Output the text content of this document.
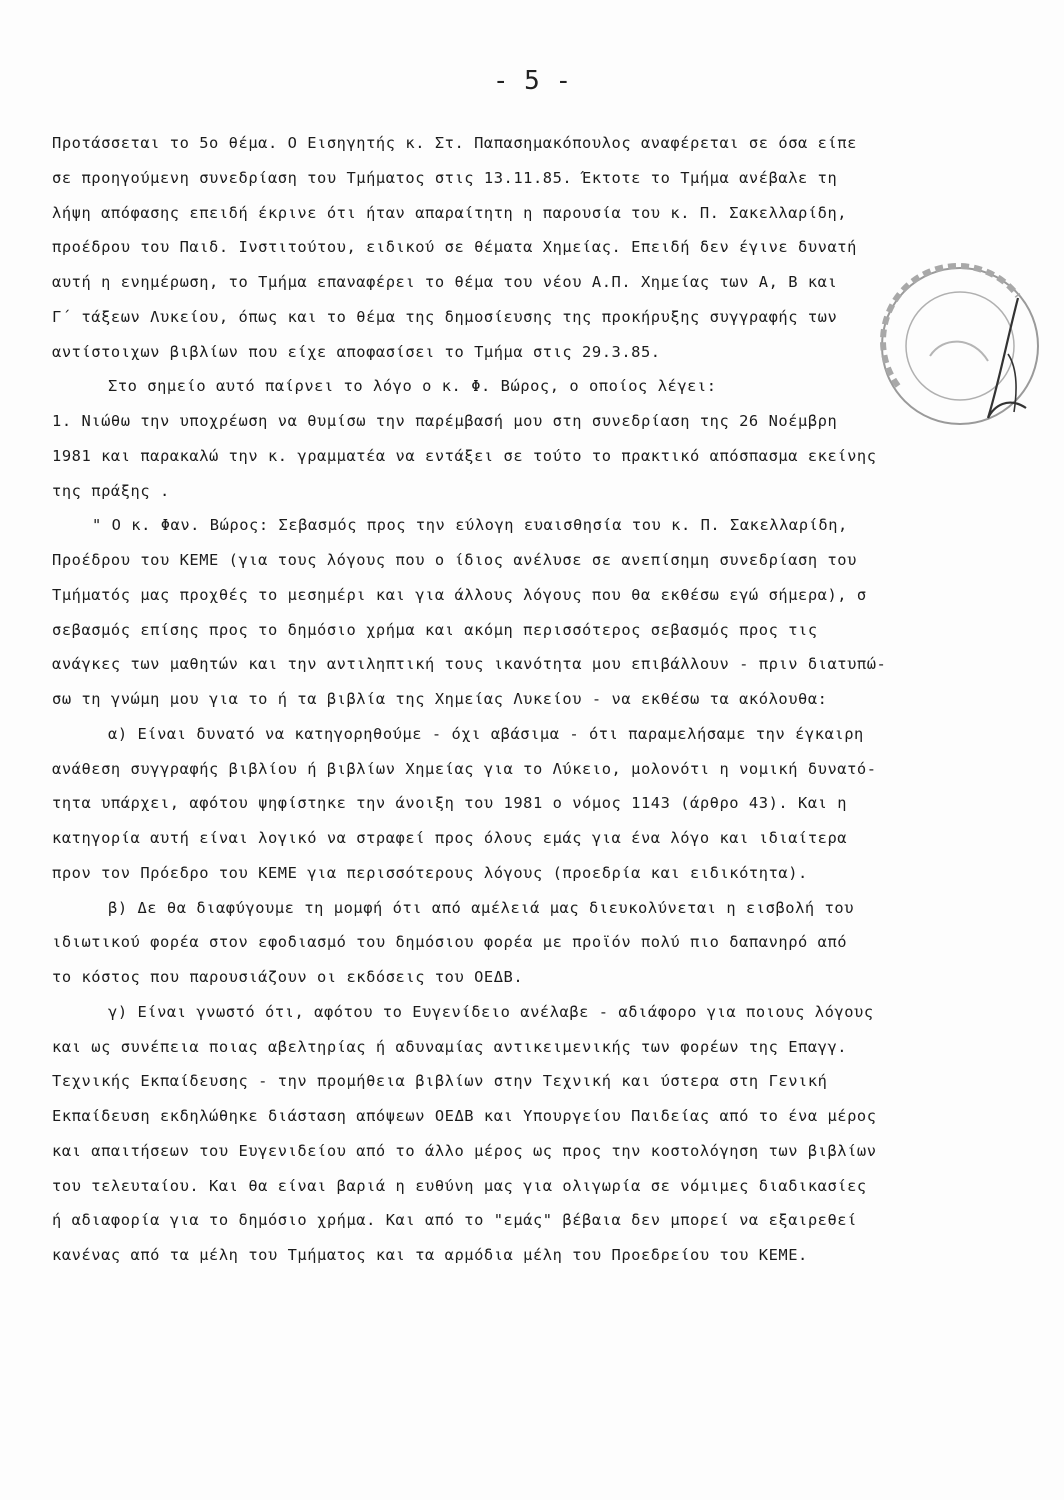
- 5 -
Προτάσσεται το 5ο θέμα. Ο Εισηγητής κ. Στ. Παπασημακόπουλος αναφέρεται σε όσα είπε
σε προηγούμενη συνεδρίαση του Τμήματος στις 13.11.85. Έκτοτε το Τμήμα ανέβαλε τη
λήψη απόφασης επειδή έκρινε ότι ήταν απαραίτητη η παρουσία του κ. Π. Σακελλαρίδη,
προέδρου του Παιδ. Ινστιτούτου, ειδικού σε θέματα Χημείας. Επειδή δεν έγινε δυνατή
αυτή η ενημέρωση, το Τμήμα επαναφέρει το θέμα του νέου Α.Π. Χημείας των Α, Β και
Γ΄ τάξεων Λυκείου, όπως και το θέμα της δημοσίευσης της προκήρυξης συγγραφής των
αντίστοιχων βιβλίων που είχε αποφασίσει το Τμήμα στις 29.3.85.
Στο σημείο αυτό παίρνει το λόγο ο κ. Φ. Βώρος, ο οποίος λέγει:
1. Νιώθω την υποχρέωση να θυμίσω την παρέμβασή μου στη συνεδρίαση της 26 Νοέμβρη
1981 και παρακαλώ την κ. γραμματέα να εντάξει σε τούτο το πρακτικό απόσπασμα εκείνης
της πράξης .
" Ο κ. Φαν. Βώρος: Σεβασμός προς την εύλογη ευαισθησία του κ. Π. Σακελλαρίδη,
Προέδρου του ΚΕΜΕ (για τους λόγους που ο ίδιος ανέλυσε σε ανεπίσημη συνεδρίαση του
Τμήματός μας προχθές το μεσημέρι και για άλλους λόγους που θα εκθέσω εγώ σήμερα), σ
σεβασμός επίσης προς το δημόσιο χρήμα και ακόμη περισσότερος σεβασμός προς τις
ανάγκες των μαθητών και την αντιληπτική τους ικανότητα μου επιβάλλουν - πριν διατυπώ-
σω τη γνώμη μου για το ή τα βιβλία της Χημείας Λυκείου - να εκθέσω τα ακόλουθα:
α) Είναι δυνατό να κατηγορηθούμε - όχι αβάσιμα - ότι παραμελήσαμε την έγκαιρη
ανάθεση συγγραφής βιβλίου ή βιβλίων Χημείας για το Λύκειο, μολονότι η νομική δυνατό-
τητα υπάρχει, αφότου ψηφίστηκε την άνοιξη του 1981 ο νόμος 1143 (άρθρο 43). Και η
κατηγορία αυτή είναι λογικό να στραφεί προς όλους εμάς για ένα λόγο και ιδιαίτερα
προν τον Πρόεδρο του ΚΕΜΕ για περισσότερους λόγους (προεδρία και ειδικότητα).
β) Δε θα διαφύγουμε τη μομφή ότι από αμέλειά μας διευκολύνεται η εισβολή του
ιδιωτικού φορέα στον εφοδιασμό του δημόσιου φορέα με προϊόν πολύ πιο δαπανηρό από
το κόστος που παρουσιάζουν οι εκδόσεις του ΟΕΔΒ.
γ) Είναι γνωστό ότι, αφότου το Ευγενίδειο ανέλαβε - αδιάφορο για ποιους λόγους
και ως συνέπεια ποιας αβελτηρίας ή αδυναμίας αντικειμενικής των φορέων της Επαγγ.
Τεχνικής Εκπαίδευσης - την προμήθεια βιβλίων στην Τεχνική και ύστερα στη Γενική
Εκπαίδευση εκδηλώθηκε διάσταση απόψεων ΟΕΔΒ και Υπουργείου Παιδείας από το ένα μέρος
και απαιτήσεων του Ευγενιδείου από το άλλο μέρος ως προς την κοστολόγηση των βιβλίων
του τελευταίου. Και θα είναι βαριά η ευθύνη μας για ολιγωρία σε νόμιμες διαδικασίες
ή αδιαφορία για το δημόσιο χρήμα. Και από το "εμάς" βέβαια δεν μπορεί να εξαιρεθεί
κανένας από τα μέλη του Τμήματος και τα αρμόδια μέλη του Προεδρείου του ΚΕΜΕ.
